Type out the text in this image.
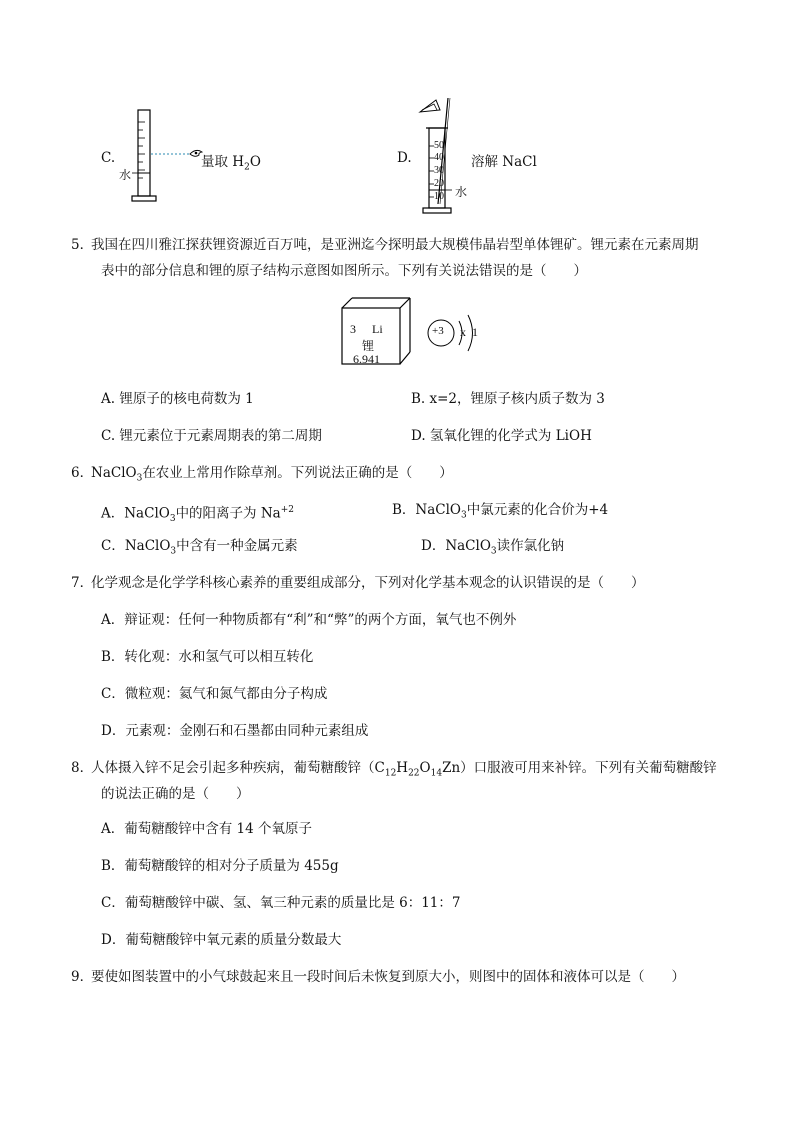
C.
水
量取 $H_2O$	D.
50
40
30
20
10 水
溶解 NaCl
5．
我国在四川雅江探获锂资源近百万吨，是亚洲迄今探明最大规模伟晶岩型单体锂矿。锂元素在元素周期
表中的部分信息和锂的原子结构示意图如图所示。下列有关说法错误的是（　　）
3 Li
锂
6.941
+3 x 1
A. 锂原子的核电荷数为 1	B. x=2，锂原子核内质子数为 3
C. 锂元素位于元素周期表的第二周期	D. 氢氧化锂的化学式为 LiOH
6．
NaClO$_3$在农业上常用作除草剂。下列说法正确的是（　　）
A．NaClO$_3$中的阳离子为 $Na^{+2}$	B．NaClO$_3$中氯元素的化合价为+4
C．NaClO$_3$中含有一种金属元素	D．NaClO$_3$读作氯化钠
7．
化学观念是化学学科核心素养的重要组成部分，下列对化学基本观念的认识错误的是（　　）
A．辩证观：任何一种物质都有“利”和“弊”的两个方面，氧气也不例外
B．转化观：水和氢气可以相互转化
C．微粒观：氦气和氮气都由分子构成
D．元素观：金刚石和石墨都由同种元素组成
8．
人体摄入锌不足会引起多种疾病，葡萄糖酸锌$(C_{12}H_{22}O_{14}Zn)$口服液可用来补锌。下列有关葡萄糖酸锌
的说法正确的是（　　）
A．葡萄糖酸锌中含有 14 个氧原子
B．葡萄糖酸锌的相对分子质量为 455g
C．葡萄糖酸锌中碳、氢、氧三种元素的质量比是 6：11：7
D．葡萄糖酸锌中氧元素的质量分数最大
9．
要使如图装置中的小气球鼓起来且一段时间后未恢复到原大小，则图中的固体和液体可以是（　　）
